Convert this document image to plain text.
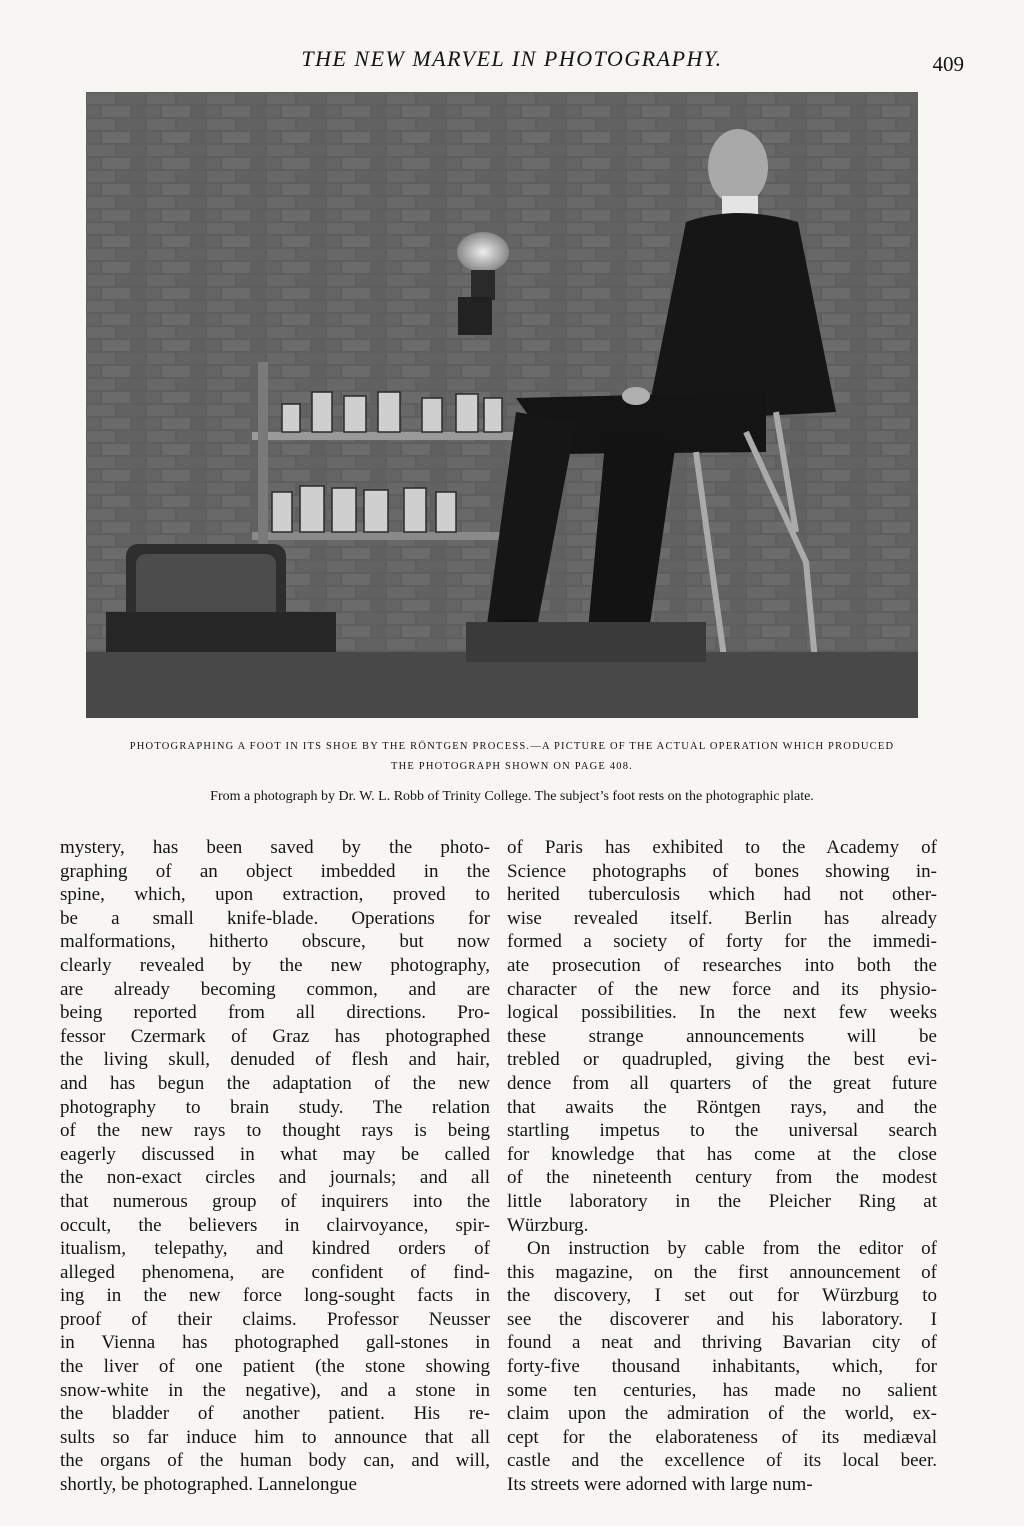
THE NEW MARVEL IN PHOTOGRAPHY.	409
PHOTOGRAPHING A FOOT IN ITS SHOE BY THE RÖNTGEN PROCESS.—A PICTURE OF THE ACTUAL OPERATION WHICH PRODUCED
THE PHOTOGRAPH SHOWN ON PAGE 408.
From a photograph by Dr. W. L. Robb of Trinity College. The subject’s foot rests on the photographic plate.
mystery, has been saved by the photo-
graphing of an object imbedded in the
spine, which, upon extraction, proved to
be a small knife-blade. Operations for
malformations, hitherto obscure, but now
clearly revealed by the new photography,
are already becoming common, and are
being reported from all directions. Pro-
fessor Czermark of Graz has photographed
the living skull, denuded of flesh and hair,
and has begun the adaptation of the new
photography to brain study. The relation
of the new rays to thought rays is being
eagerly discussed in what may be called
the non-exact circles and journals; and all
that numerous group of inquirers into the
occult, the believers in clairvoyance, spir-
itualism, telepathy, and kindred orders of
alleged phenomena, are confident of find-
ing in the new force long-sought facts in
proof of their claims. Professor Neusser
in Vienna has photographed gall-stones in
the liver of one patient (the stone showing
snow-white in the negative), and a stone in
the bladder of another patient. His re-
sults so far induce him to announce that all
the organs of the human body can, and will,
shortly, be photographed. Lannelongue
of Paris has exhibited to the Academy of
Science photographs of bones showing in-
herited tuberculosis which had not other-
wise revealed itself. Berlin has already
formed a society of forty for the immedi-
ate prosecution of researches into both the
character of the new force and its physio-
logical possibilities. In the next few weeks
these strange announcements will be
trebled or quadrupled, giving the best evi-
dence from all quarters of the great future
that awaits the Röntgen rays, and the
startling impetus to the universal search
for knowledge that has come at the close
of the nineteenth century from the modest
little laboratory in the Pleicher Ring at
Würzburg.
On instruction by cable from the editor of
this magazine, on the first announcement of
the discovery, I set out for Würzburg to
see the discoverer and his laboratory. I
found a neat and thriving Bavarian city of
forty-five thousand inhabitants, which, for
some ten centuries, has made no salient
claim upon the admiration of the world, ex-
cept for the elaborateness of its mediæval
castle and the excellence of its local beer.
Its streets were adorned with large num-
